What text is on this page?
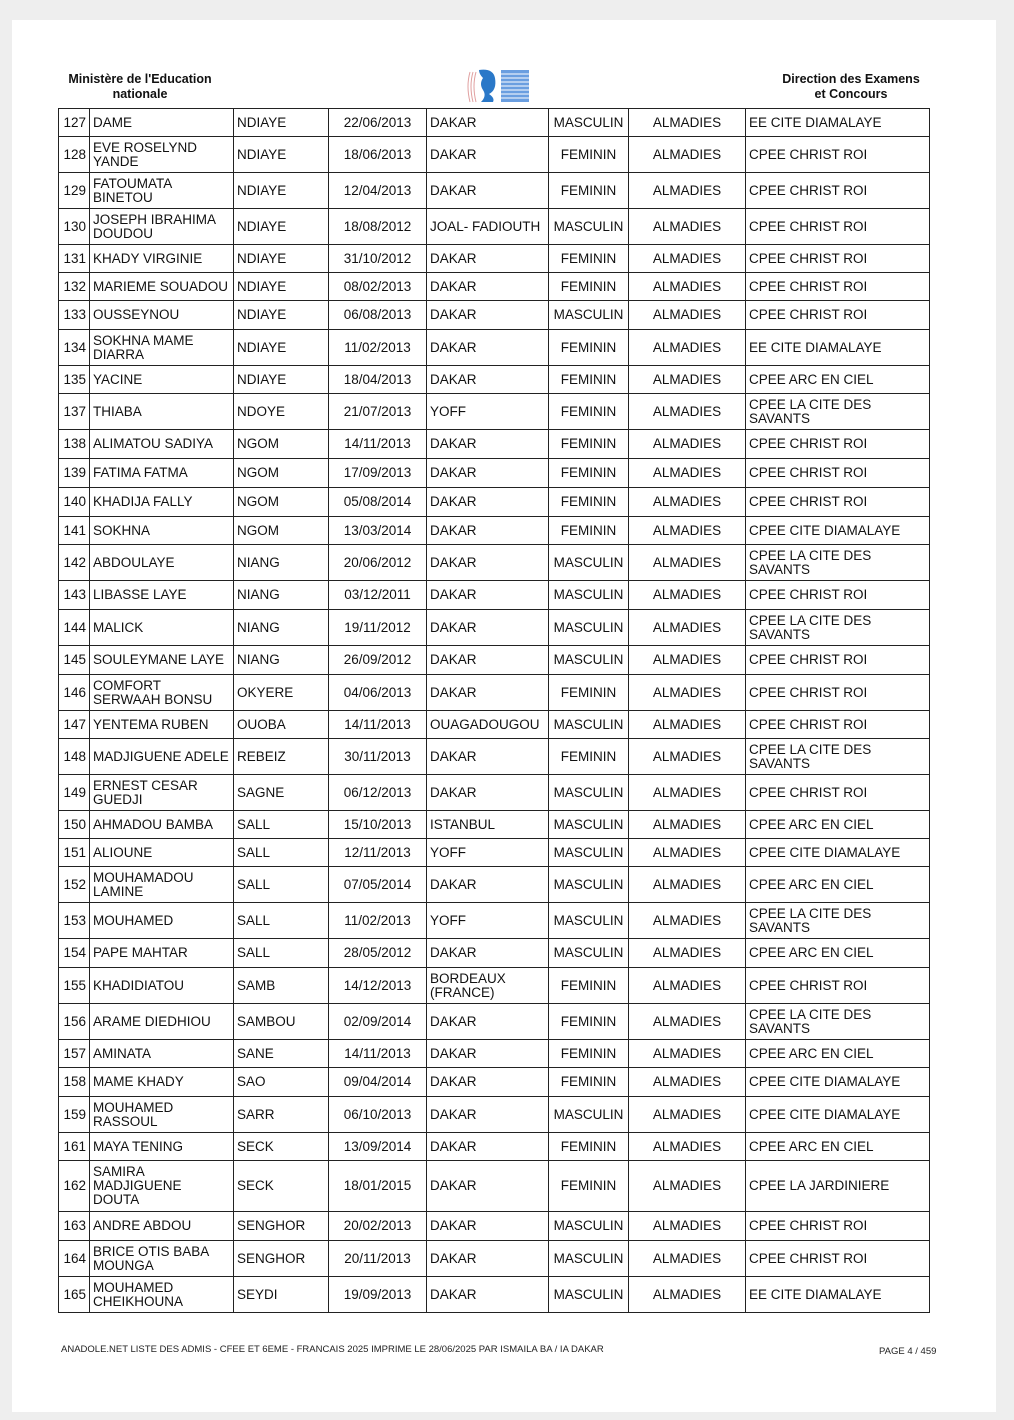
Ministère de l'Education
nationale
Direction des Examens
et Concours
127	DAME	NDIAYE	22/06/2013	DAKAR	MASCULIN	ALMADIES	EE CITE DIAMALAYE
128	EVE ROSELYND YANDE	NDIAYE	18/06/2013	DAKAR	FEMININ	ALMADIES	CPEE CHRIST ROI
129	FATOUMATA BINETOU	NDIAYE	12/04/2013	DAKAR	FEMININ	ALMADIES	CPEE CHRIST ROI
130	JOSEPH IBRAHIMA DOUDOU	NDIAYE	18/08/2012	JOAL- FADIOUTH	MASCULIN	ALMADIES	CPEE CHRIST ROI
131	KHADY VIRGINIE	NDIAYE	31/10/2012	DAKAR	FEMININ	ALMADIES	CPEE CHRIST ROI
132	MARIEME SOUADOU	NDIAYE	08/02/2013	DAKAR	FEMININ	ALMADIES	CPEE CHRIST ROI
133	OUSSEYNOU	NDIAYE	06/08/2013	DAKAR	MASCULIN	ALMADIES	CPEE CHRIST ROI
134	SOKHNA MAME DIARRA	NDIAYE	11/02/2013	DAKAR	FEMININ	ALMADIES	EE CITE DIAMALAYE
135	YACINE	NDIAYE	18/04/2013	DAKAR	FEMININ	ALMADIES	CPEE ARC EN CIEL
137	THIABA	NDOYE	21/07/2013	YOFF	FEMININ	ALMADIES	CPEE LA CITE DES SAVANTS
138	ALIMATOU SADIYA	NGOM	14/11/2013	DAKAR	FEMININ	ALMADIES	CPEE CHRIST ROI
139	FATIMA FATMA	NGOM	17/09/2013	DAKAR	FEMININ	ALMADIES	CPEE CHRIST ROI
140	KHADIJA FALLY	NGOM	05/08/2014	DAKAR	FEMININ	ALMADIES	CPEE CHRIST ROI
141	SOKHNA	NGOM	13/03/2014	DAKAR	FEMININ	ALMADIES	CPEE CITE DIAMALAYE
142	ABDOULAYE	NIANG	20/06/2012	DAKAR	MASCULIN	ALMADIES	CPEE LA CITE DES SAVANTS
143	LIBASSE LAYE	NIANG	03/12/2011	DAKAR	MASCULIN	ALMADIES	CPEE CHRIST ROI
144	MALICK	NIANG	19/11/2012	DAKAR	MASCULIN	ALMADIES	CPEE LA CITE DES SAVANTS
145	SOULEYMANE LAYE	NIANG	26/09/2012	DAKAR	MASCULIN	ALMADIES	CPEE CHRIST ROI
146	COMFORT SERWAAH BONSU	OKYERE	04/06/2013	DAKAR	FEMININ	ALMADIES	CPEE CHRIST ROI
147	YENTEMA RUBEN	OUOBA	14/11/2013	OUAGADOUGOU	MASCULIN	ALMADIES	CPEE CHRIST ROI
148	MADJIGUENE ADELE	REBEIZ	30/11/2013	DAKAR	FEMININ	ALMADIES	CPEE LA CITE DES SAVANTS
149	ERNEST CESAR GUEDJI	SAGNE	06/12/2013	DAKAR	MASCULIN	ALMADIES	CPEE CHRIST ROI
150	AHMADOU BAMBA	SALL	15/10/2013	ISTANBUL	MASCULIN	ALMADIES	CPEE ARC EN CIEL
151	ALIOUNE	SALL	12/11/2013	YOFF	MASCULIN	ALMADIES	CPEE CITE DIAMALAYE
152	MOUHAMADOU LAMINE	SALL	07/05/2014	DAKAR	MASCULIN	ALMADIES	CPEE ARC EN CIEL
153	MOUHAMED	SALL	11/02/2013	YOFF	MASCULIN	ALMADIES	CPEE LA CITE DES SAVANTS
154	PAPE MAHTAR	SALL	28/05/2012	DAKAR	MASCULIN	ALMADIES	CPEE ARC EN CIEL
155	KHADIDIATOU	SAMB	14/12/2013	BORDEAUX (FRANCE)	FEMININ	ALMADIES	CPEE CHRIST ROI
156	ARAME DIEDHIOU	SAMBOU	02/09/2014	DAKAR	FEMININ	ALMADIES	CPEE LA CITE DES SAVANTS
157	AMINATA	SANE	14/11/2013	DAKAR	FEMININ	ALMADIES	CPEE ARC EN CIEL
158	MAME KHADY	SAO	09/04/2014	DAKAR	FEMININ	ALMADIES	CPEE CITE DIAMALAYE
159	MOUHAMED RASSOUL	SARR	06/10/2013	DAKAR	MASCULIN	ALMADIES	CPEE CITE DIAMALAYE
161	MAYA TENING	SECK	13/09/2014	DAKAR	FEMININ	ALMADIES	CPEE ARC EN CIEL
162	SAMIRA MADJIGUENE DOUTA	SECK	18/01/2015	DAKAR	FEMININ	ALMADIES	CPEE LA JARDINIERE
163	ANDRE ABDOU	SENGHOR	20/02/2013	DAKAR	MASCULIN	ALMADIES	CPEE CHRIST ROI
164	BRICE OTIS BABA MOUNGA	SENGHOR	20/11/2013	DAKAR	MASCULIN	ALMADIES	CPEE CHRIST ROI
165	MOUHAMED CHEIKHOUNA	SEYDI	19/09/2013	DAKAR	MASCULIN	ALMADIES	EE CITE DIAMALAYE
ANADOLE.NET LISTE DES ADMIS - CFEE ET 6EME - FRANCAIS 2025 IMPRIME LE 28/06/2025 PAR ISMAILA BA / IA DAKAR	PAGE 4 / 459
